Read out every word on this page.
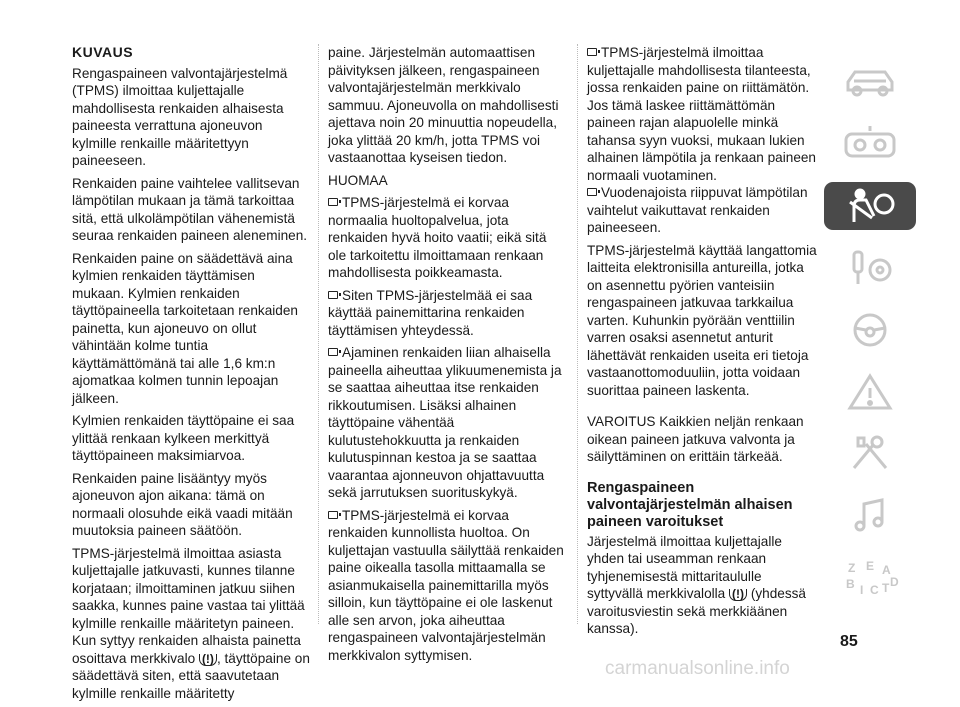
KUVAUS

Rengaspaineen valvontajärjestelmä (TPMS) ilmoittaa kuljettajalle mahdollisesta renkaiden alhaisesta paineesta verrattuna ajoneuvon kylmille renkaille määritettyyn paineeseen.

Renkaiden paine vaihtelee vallitsevan lämpötilan mukaan ja tämä tarkoittaa sitä, että ulkolämpötilan vähenemistä seuraa renkaiden paineen aleneminen.

Renkaiden paine on säädettävä aina kylmien renkaiden täyttämisen mukaan. Kylmien renkaiden täyttöpaineella tarkoitetaan renkaiden painetta, kun ajoneuvo on ollut vähintään kolme tuntia käyttämättömänä tai alle 1,6 km:n ajomatkaa kolmen tunnin lepoajan jälkeen.

Kylmien renkaiden täyttöpaine ei saa ylittää renkaan kylkeen merkittyä täyttöpaineen maksimiarvoa.

Renkaiden paine lisääntyy myös ajoneuvon ajon aikana: tämä on normaali olosuhde eikä vaadi mitään muutoksia paineen säätöön.

TPMS-järjestelmä ilmoittaa asiasta kuljettajalle jatkuvasti, kunnes tilanne korjataan; ilmoittaminen jatkuu siihen saakka, kunnes paine vastaa tai ylittää kylmille renkaille määritetyn paineen. Kun syttyy renkaiden alhaista painetta osoittava merkkivalo (!) , täyttöpaine on säädettävä siten, että saavutetaan kylmille renkaille määritetty

paine. Järjestelmän automaattisen päivityksen jälkeen, rengaspaineen valvontajärjestelmän merkkivalo sammuu. Ajoneuvolla on mahdollisesti ajettava noin 20 minuuttia nopeudella, joka ylittää 20 km/h, jotta TPMS voi vastaanottaa kyseisen tiedon.

HUOMAA

TPMS-järjestelmä ei korvaa normaalia huoltopalvelua, jota renkaiden hyvä hoito vaatii; eikä sitä ole tarkoitettu ilmoittamaan renkaan mahdollisesta poikkeamasta.

Siten TPMS-järjestelmää ei saa käyttää painemittarina renkaiden täyttämisen yhteydessä.

Ajaminen renkaiden liian alhaisella paineella aiheuttaa ylikuumenemista ja se saattaa aiheuttaa itse renkaiden rikkoutumisen. Lisäksi alhainen täyttöpaine vähentää kulutustehokkuutta ja renkaiden kulutuspinnan kestoa ja se saattaa vaarantaa ajonneuvon ohjattavuutta sekä jarrutuksen suorituskykyä.

TPMS-järjestelmä ei korvaa renkaiden kunnollista huoltoa. On kuljettajan vastuulla säilyttää renkaiden paine oikealla tasolla mittaamalla se asianmukaisella painemittarilla myös silloin, kun täyttöpaine ei ole laskenut alle sen arvon, joka aiheuttaa rengaspaineen valvontajärjestelmän merkkivalon syttymisen.

TPMS-järjestelmä ilmoittaa kuljettajalle mahdollisesta tilanteesta, jossa renkaiden paine on riittämätön. Jos tämä laskee riittämättömän paineen rajan alapuolelle minkä tahansa syyn vuoksi, mukaan lukien alhainen lämpötila ja renkaan paineen normaali vuotaminen.

Vuodenajoista riippuvat lämpötilan vaihtelut vaikuttavat renkaiden paineeseen.

TPMS-järjestelmä käyttää langattomia laitteita elektronisilla antureilla, jotka on asennettu pyörien vanteisiin rengaspaineen jatkuvaa tarkkailua varten. Kuhunkin pyörään venttiilin varren osaksi asennetut anturit lähettävät renkaiden useita eri tietoja vastaanottomoduuliin, jotta voidaan suorittaa paineen laskenta.

VAROITUS Kaikkien neljän renkaan oikean paineen jatkuva valvonta ja säilyttäminen on erittäin tärkeää.

Rengaspaineen valvontajärjestelmän alhaisen paineen varoitukset

Järjestelmä ilmoittaa kuljettajalle yhden tai useamman renkaan tyhjenemisestä mittaritaululle syttyvällä merkkivalolla (!) (yhdessä varoitusviestin sekä merkkiäänen kanssa).

Z E A
B I C T D
85
carmanualsonline.info
